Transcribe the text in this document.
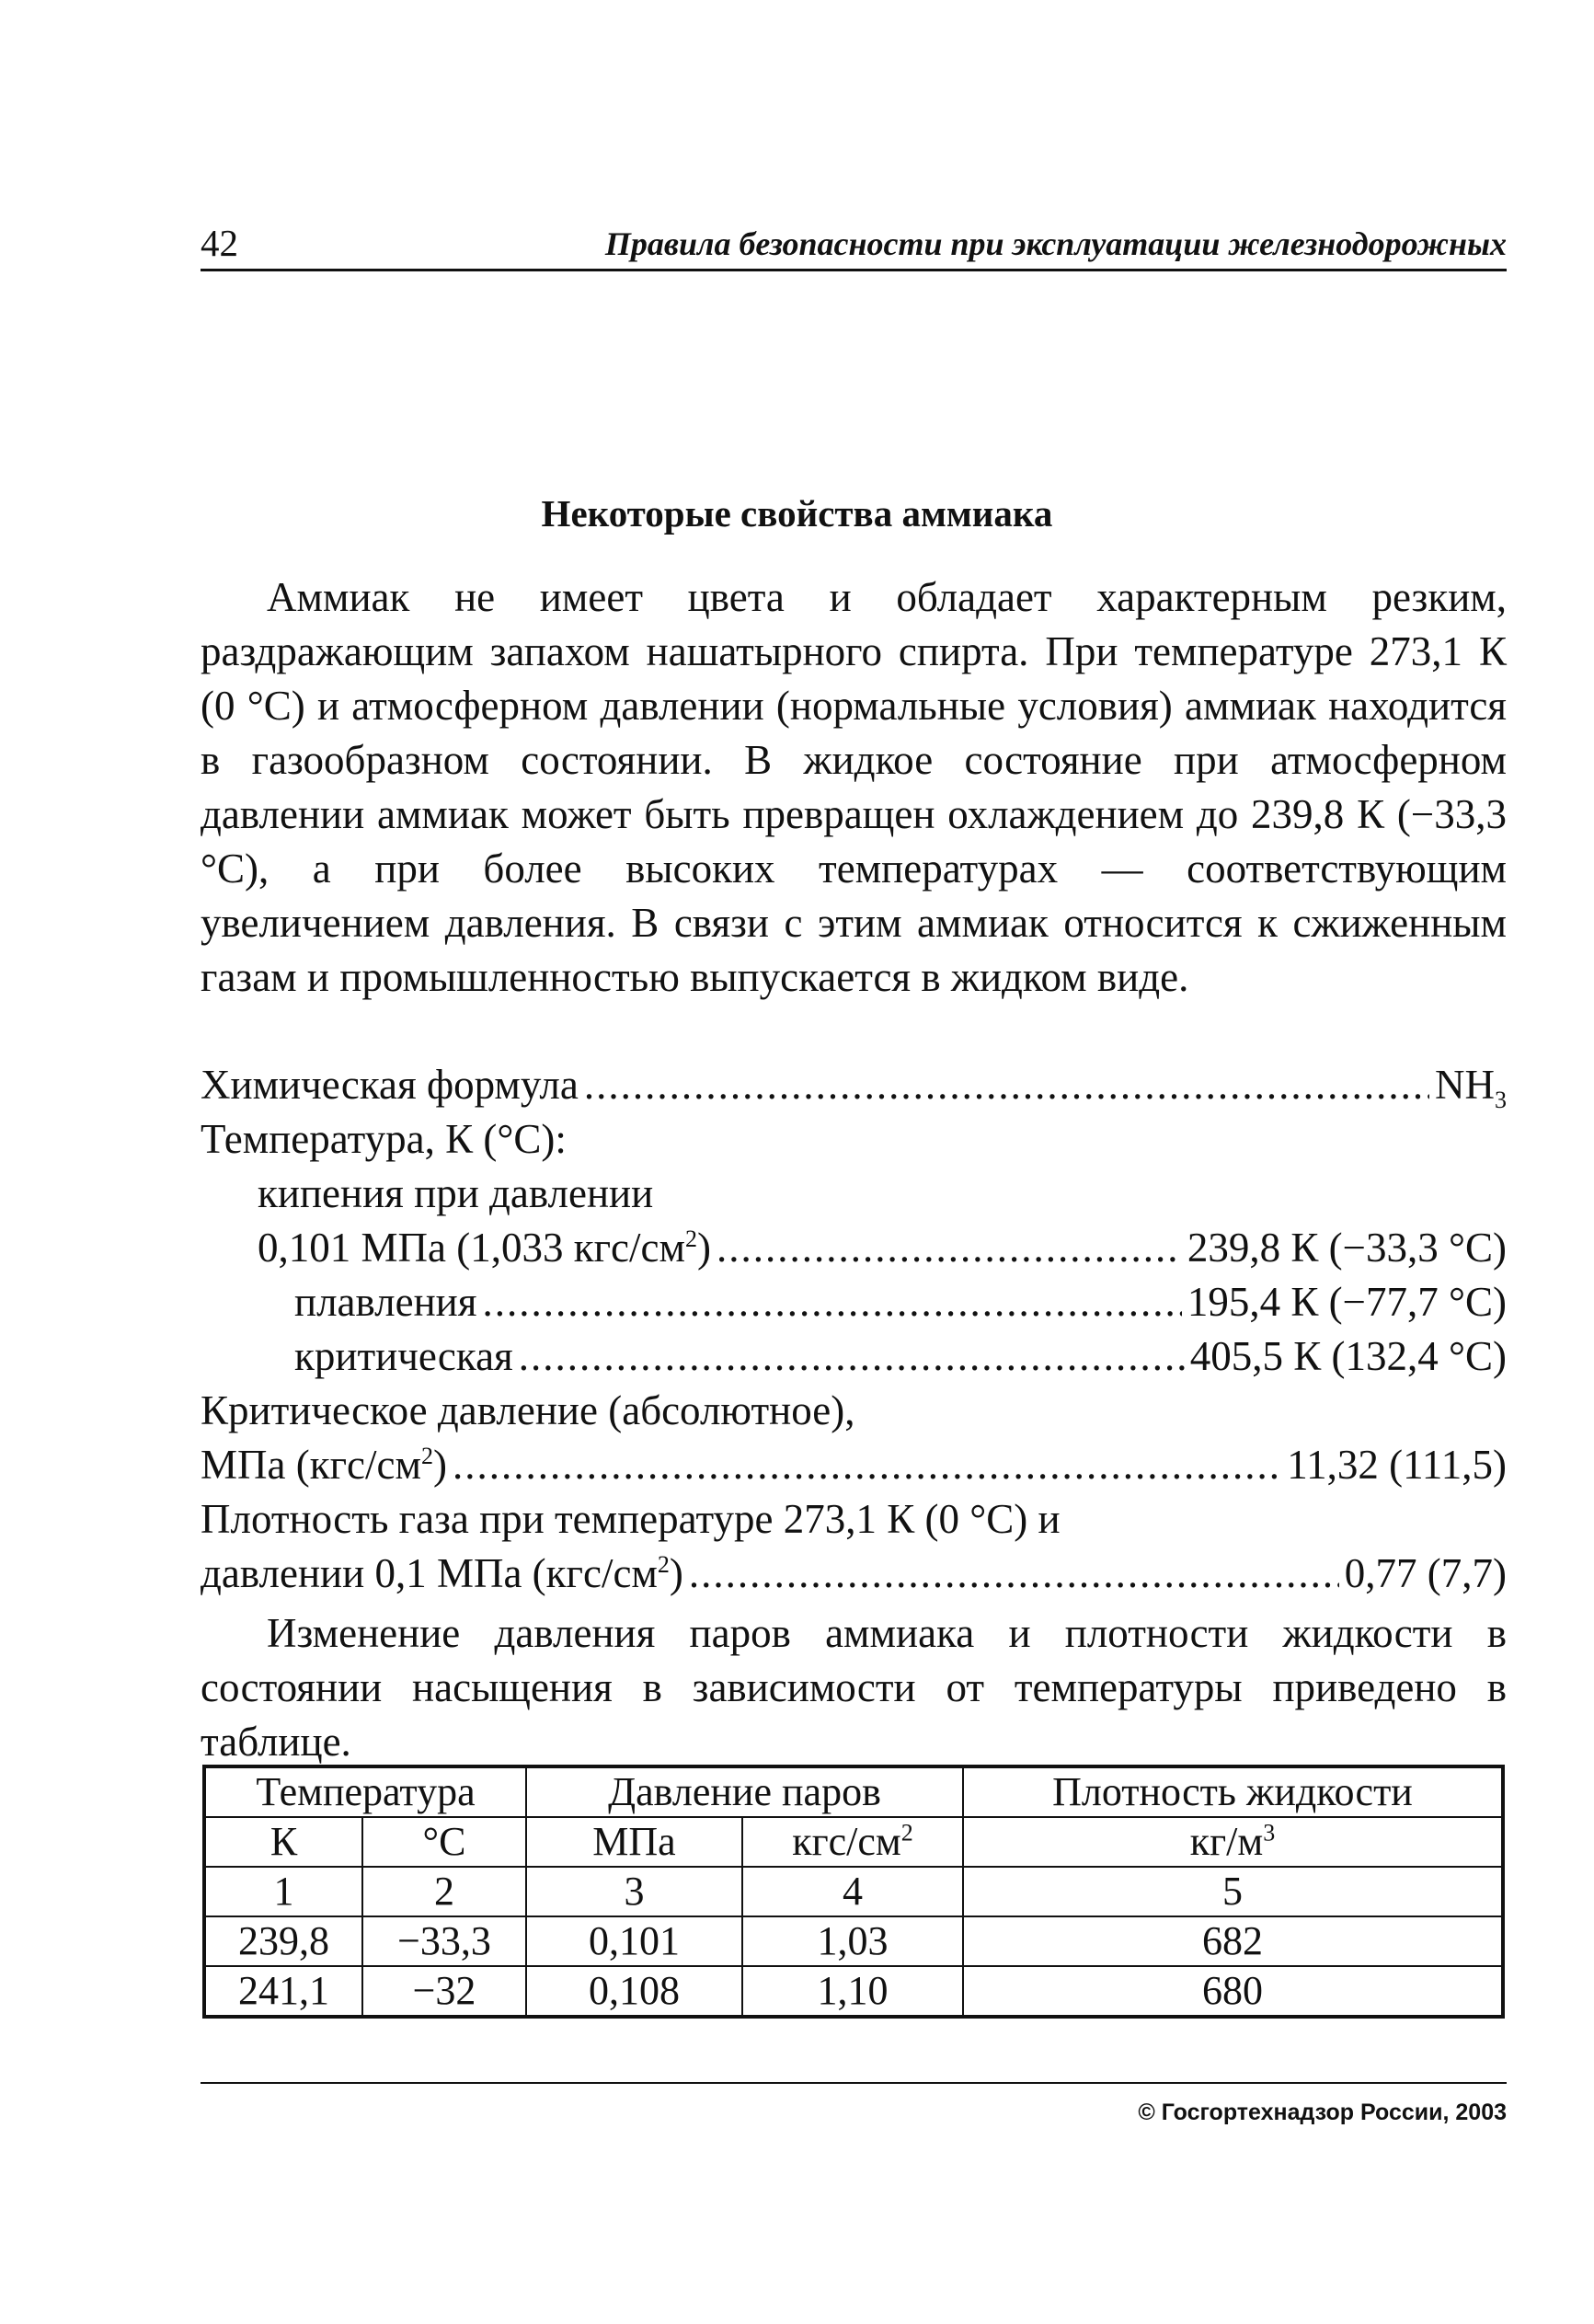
42	Правила безопасности при эксплуатации железнодорожных
Некоторые свойства аммиака

Аммиак не имеет цвета и обладает характерным резким, раздражающим запахом нашатырного спирта. При температуре 273,1 К (0 °С) и атмосферном давлении (нормальные условия) аммиак находится в газообразном состоянии. В жидкое состояние при атмосферном давлении аммиак может быть превращен охлаждением до 239,8 К (−33,3 °С), а при более высоких температурах — соответствующим увеличением давления. В связи с этим аммиак относится к сжиженным газам и промышленностью выпускается в жидком виде.

Химическая формула .....	$NH_3$
Температура, К (°С):
кипения при давлении
0,101 МПа (1,033 кгс/$см^2$) .....	239,8 К (−33,3 °С)
плавления .....	195,4 К (−77,7 °С)
критическая .....	405,5 К (132,4 °С)
Критическое давление (абсолютное),
МПа $(кгс/см^2)$ .....	11,32 (111,5)
Плотность газа при температуре 273,1 К (0 °С) и
давлении 0,1 МПа $(кгс/см^2)$ .....	0,77 (7,7)

Изменение давления паров аммиака и плотности жидкости в состоянии насыщения в зависимости от температуры приведено в таблице.

Температура		Давление паров		Плотность жидкости
К	°С	МПа	кгс/$см^2$	$кг/м^3$
1	2	3	4	5
239,8	−33,3	0,101	1,03	682
241,1	−32	0,108	1,10	680
© Госгортехнадзор России, 2003
